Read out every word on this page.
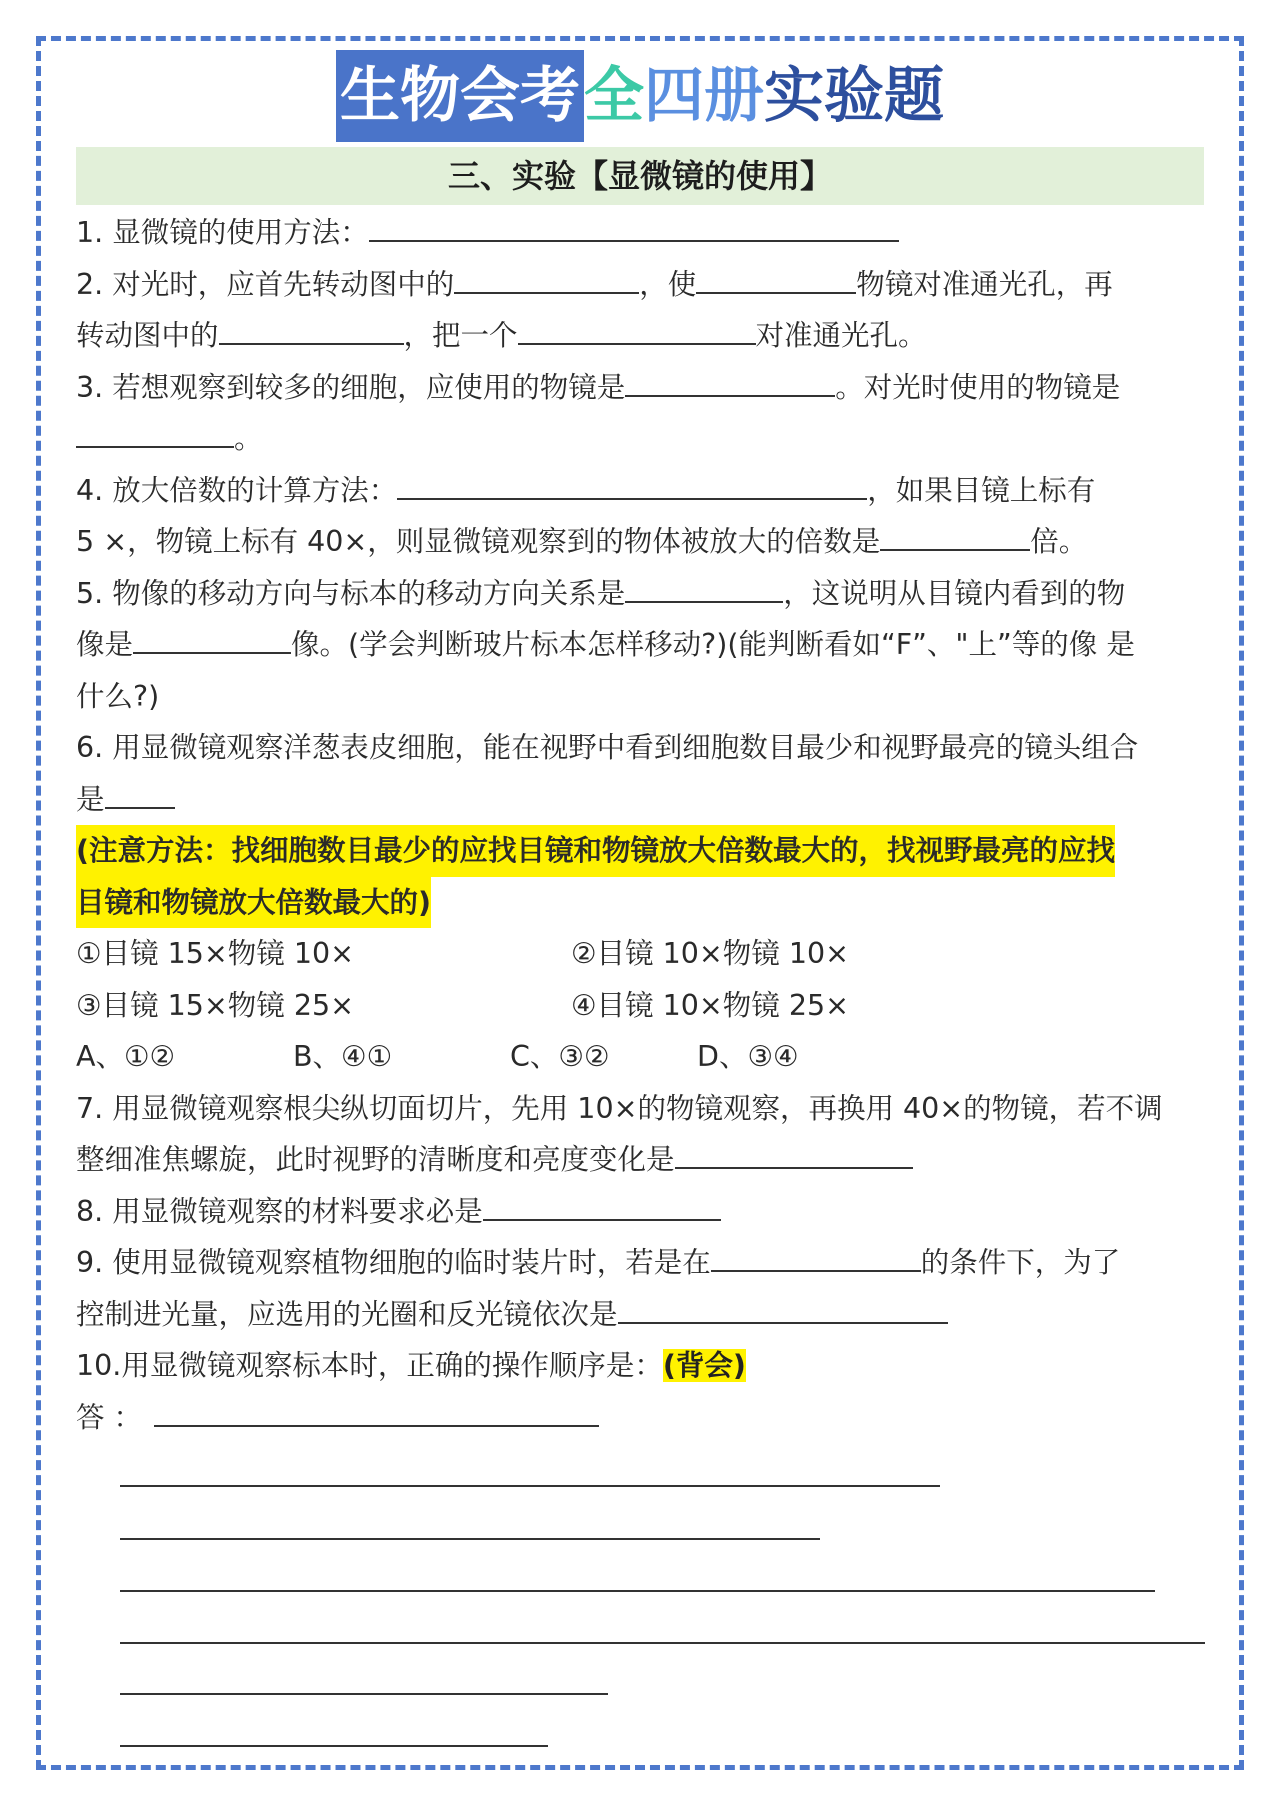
生物会考全四册实验题
三、实验【显微镜的使用】
1. 显微镜的使用方法：
2. 对光时，应首先转动图中的	，使	物镜对准通光孔，再
转动图中的	，把一个	对准通光孔。
3. 若想观察到较多的细胞，应使用的物镜是	。对光时使用的物镜是
。
4. 放大倍数的计算方法：	，如果目镜上标有
5 ×，物镜上标有 40×，则显微镜观察到的物体被放大的倍数是	倍。
5. 物像的移动方向与标本的移动方向关系是	，这说明从目镜内看到的物
像是	像。(学会判断玻片标本怎样移动?)(能判断看如“F”、"上”等的像 是
什么?)
6. 用显微镜观察洋葱表皮细胞，能在视野中看到细胞数目最少和视野最亮的镜头组合
是
(注意方法：找细胞数目最少的应找目镜和物镜放大倍数最大的，找视野最亮的应找
目镜和物镜放大倍数最大的)
①目镜 15×物镜 10×	②目镜 10×物镜 10×
③目镜 15×物镜 25×	④目镜 10×物镜 25×
A、①②	B、④①	C、③②	D、③④
7. 用显微镜观察根尖纵切面切片，先用 10×的物镜观察，再换用 40×的物镜，若不调
整细准焦螺旋，此时视野的清晰度和亮度变化是
8. 用显微镜观察的材料要求必是
9. 使用显微镜观察植物细胞的临时装片时，若是在	的条件下，为了
控制进光量，应选用的光圈和反光镜依次是
10.用显微镜观察标本时，正确的操作顺序是：(背会)
答 ：
